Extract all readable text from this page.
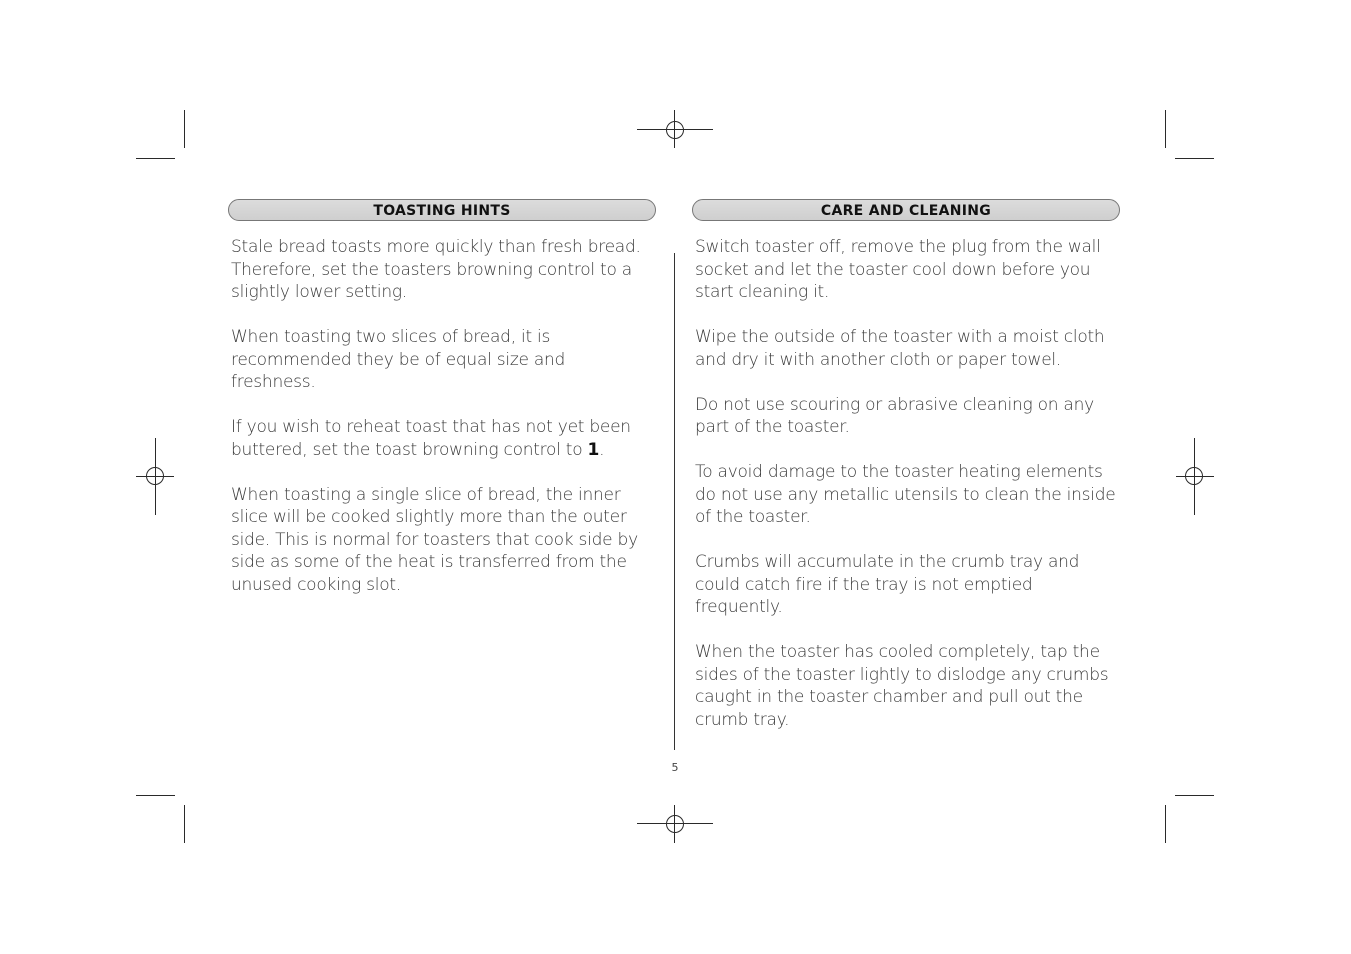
TOASTING HINTS

Stale bread toasts more quickly than fresh bread. Therefore, set the toasters browning control to a slightly lower setting.

When toasting two slices of bread, it is recommended they be of equal size and freshness.

If you wish to reheat toast that has not yet been buttered, set the toast browning control to 1.

When toasting a single slice of bread, the inner slice will be cooked slightly more than the outer side. This is normal for toasters that cook side by side as some of the heat is transferred from the unused cooking slot.

CARE AND CLEANING

Switch toaster off, remove the plug from the wall socket and let the toaster cool down before you start cleaning it.

Wipe the outside of the toaster with a moist cloth and dry it with another cloth or paper towel.

Do not use scouring or abrasive cleaning on any part of the toaster.

To avoid damage to the toaster heating elements do not use any metallic utensils to clean the inside of the toaster.

Crumbs will accumulate in the crumb tray and could catch fire if the tray is not emptied frequently.

When the toaster has cooled completely, tap the sides of the toaster lightly to dislodge any crumbs caught in the toaster chamber and pull out the crumb tray.

5
